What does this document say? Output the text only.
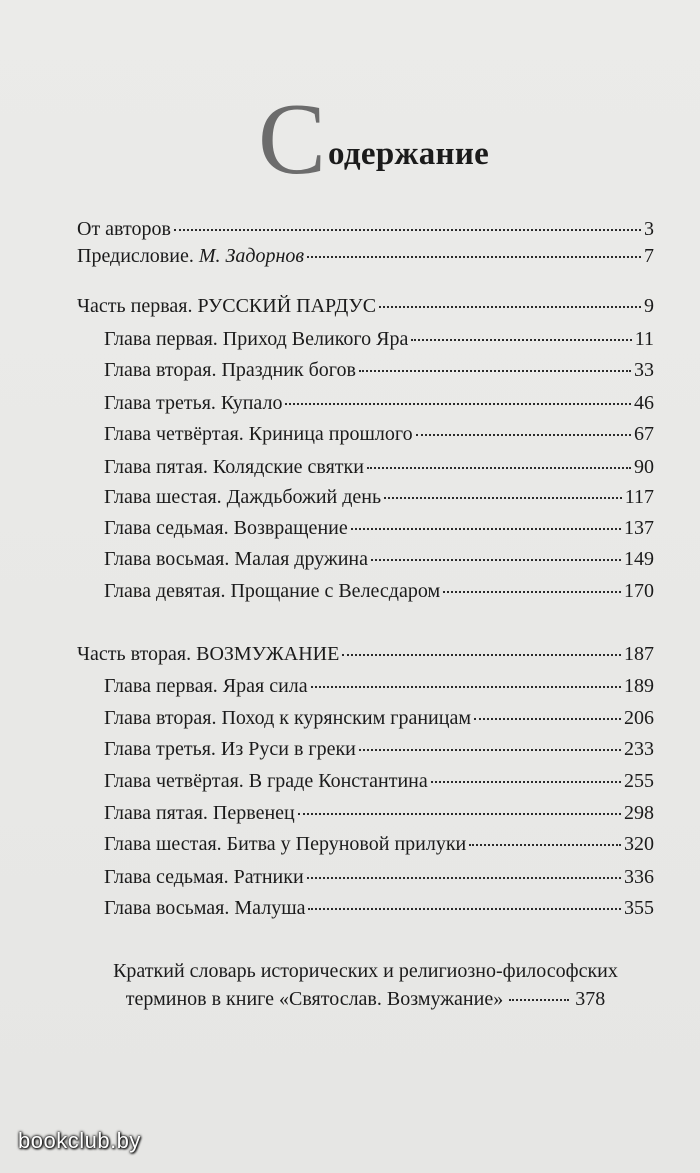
С одержание
От авторов	3
Предисловие. М. Задорнов	7
Часть первая. РУССКИЙ ПАРДУС	9
Глава первая. Приход Великого Яра	11
Глава вторая. Праздник богов	33
Глава третья. Купало	46
Глава четвёртая. Криница прошлого	67
Глава пятая. Колядские святки	90
Глава шестая. Даждьбожий день	117
Глава седьмая. Возвращение	137
Глава восьмая. Малая дружина	149
Глава девятая. Прощание с Велесдаром	170
Часть вторая. ВОЗМУЖАНИЕ	187
Глава первая. Ярая сила	189
Глава вторая. Поход к курянским границам	206
Глава третья. Из Руси в греки	233
Глава четвёртая. В граде Константина	255
Глава пятая. Первенец	298
Глава шестая. Битва у Перуновой прилуки	320
Глава седьмая. Ратники	336
Глава восьмая. Малуша	355
Краткий словарь исторических и религиозно-философских
терминов в книге «Святослав. Возмужание»	378
bookclub.by
